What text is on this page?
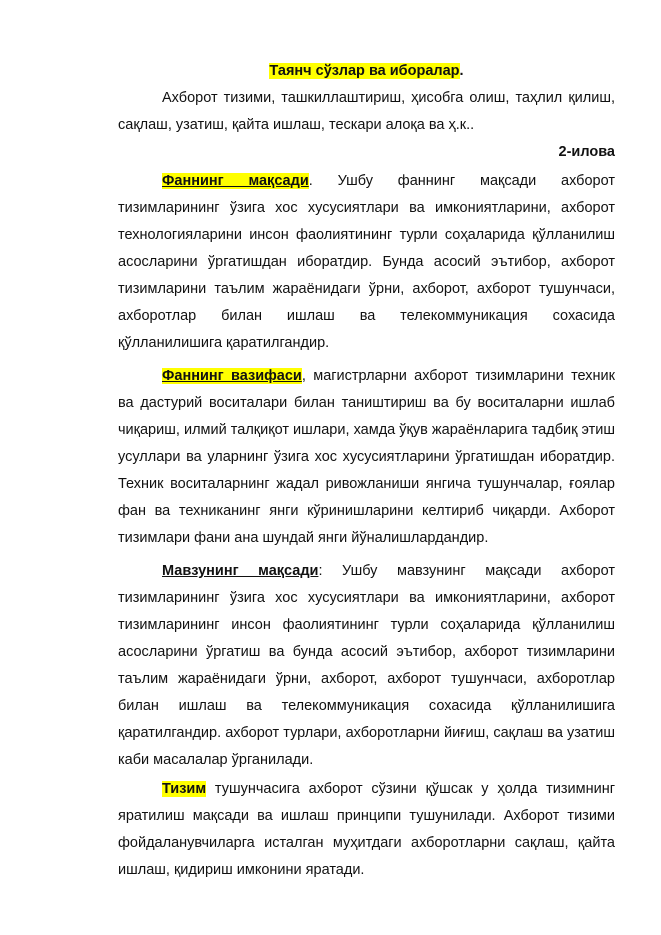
Таянч сўзлар ва иборалар.

Ахборот тизими, ташкиллаштириш, ҳисобга олиш, таҳлил қилиш, сақлаш, узатиш, қайта ишлаш, тескари алоқа ва ҳ.к..

2-илова

Фаннинг мақсади. Ушбу фаннинг мақсади ахборот тизимларининг ўзига хос хусусиятлари ва имкониятларини, ахборот технологияларини инсон фаолиятининг турли соҳаларида қўлланилиш асосларини ўргатишдан иборатдир. Бунда асосий эътибор, ахборот тизимларини таълим жараёнидаги ўрни, ахборот, ахборот тушунчаси, ахборотлар билан ишлаш ва телекоммуникация сохасида қўлланилишига қаратилгандир.

Фаннинг вазифаси, магистрларни ахборот тизимларини техник ва дастурий воситалари билан таништириш ва бу воситаларни ишлаб чиқариш, илмий талқиқот ишлари, хамда ўқув жараёнларига тадбиқ этиш усуллари ва уларнинг ўзига хос хусусиятларини ўргатишдан иборатдир. Техник воситаларнинг жадал ривожланиши янгича тушунчалар, ғоялар фан ва техниканинг янги кўринишларини келтириб чиқарди. Ахборот тизимлари фани ана шундай янги йўналишлардандир.

Мавзунинг мақсади: Ушбу мавзунинг мақсади ахборот тизимларининг ўзига хос хусусиятлари ва имкониятларини, ахборот тизимларининг инсон фаолиятининг турли соҳаларида қўлланилиш асосларини ўргатиш ва бунда асосий эътибор, ахборот тизимларини таълим жараёнидаги ўрни, ахборот, ахборот тушунчаси, ахборотлар билан ишлаш ва телекоммуникация сохасида қўлланилишига қаратилгандир. ахборот турлари, ахборотларни йиғиш, сақлаш ва узатиш каби масалалар ўрганилади.

Тизим тушунчасига ахборот сўзини қўшсак у ҳолда тизимнинг яратилиш мақсади ва ишлаш принципи тушунилади. Ахборот тизими фойдаланувчиларга исталган муҳитдаги ахборотларни сақлаш, қайта ишлаш, қидириш имконини яратади.
